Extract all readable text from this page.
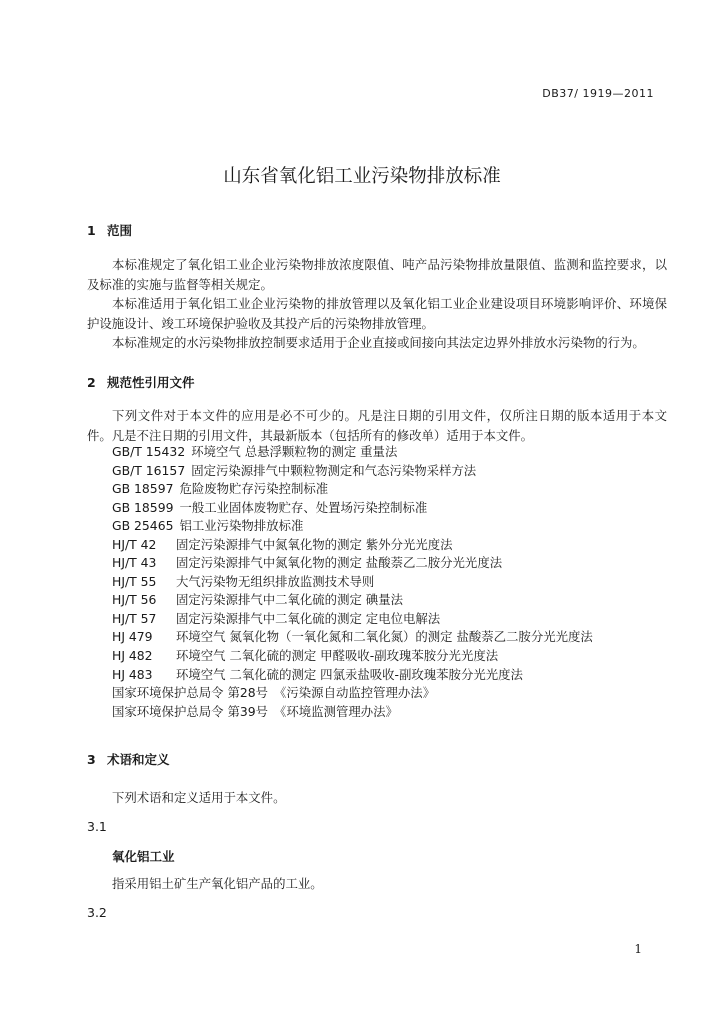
DB37/ 1919—2011
山东省氧化铝工业污染物排放标准
1 范围
本标准规定了氧化铝工业企业污染物排放浓度限值、吨产品污染物排放量限值、监测和监控要求，以及标准的实施与监督等相关规定。
本标准适用于氧化铝工业企业污染物的排放管理以及氧化铝工业企业建设项目环境影响评价、环境保护设施设计、竣工环境保护验收及其投产后的污染物排放管理。
本标准规定的水污染物排放控制要求适用于企业直接或间接向其法定边界外排放水污染物的行为。
2 规范性引用文件
下列文件对于本文件的应用是必不可少的。凡是注日期的引用文件，仅所注日期的版本适用于本文件。凡是不注日期的引用文件，其最新版本（包括所有的修改单）适用于本文件。
GB/T 15432 环境空气 总悬浮颗粒物的测定 重量法
GB/T 16157 固定污染源排气中颗粒物测定和气态污染物采样方法
GB 18597 危险废物贮存污染控制标准
GB 18599 一般工业固体废物贮存、处置场污染控制标准
GB 25465 铝工业污染物排放标准
HJ/T 42 固定污染源排气中氮氧化物的测定 紫外分光光度法
HJ/T 43 固定污染源排气中氮氧化物的测定 盐酸萘乙二胺分光光度法
HJ/T 55 大气污染物无组织排放监测技术导则
HJ/T 56 固定污染源排气中二氧化硫的测定 碘量法
HJ/T 57 固定污染源排气中二氧化硫的测定 定电位电解法
HJ 479 环境空气 氮氧化物（一氧化氮和二氧化氮）的测定 盐酸萘乙二胺分光光度法
HJ 482 环境空气 二氧化硫的测定 甲醛吸收-副玫瑰苯胺分光光度法
HJ 483 环境空气 二氧化硫的测定 四氯汞盐吸收-副玫瑰苯胺分光光度法
国家环境保护总局令 第28号 《污染源自动监控管理办法》
国家环境保护总局令 第39号 《环境监测管理办法》
3 术语和定义
下列术语和定义适用于本文件。
3.1
氧化铝工业
指采用铝土矿生产氧化铝产品的工业。
3.2
1
